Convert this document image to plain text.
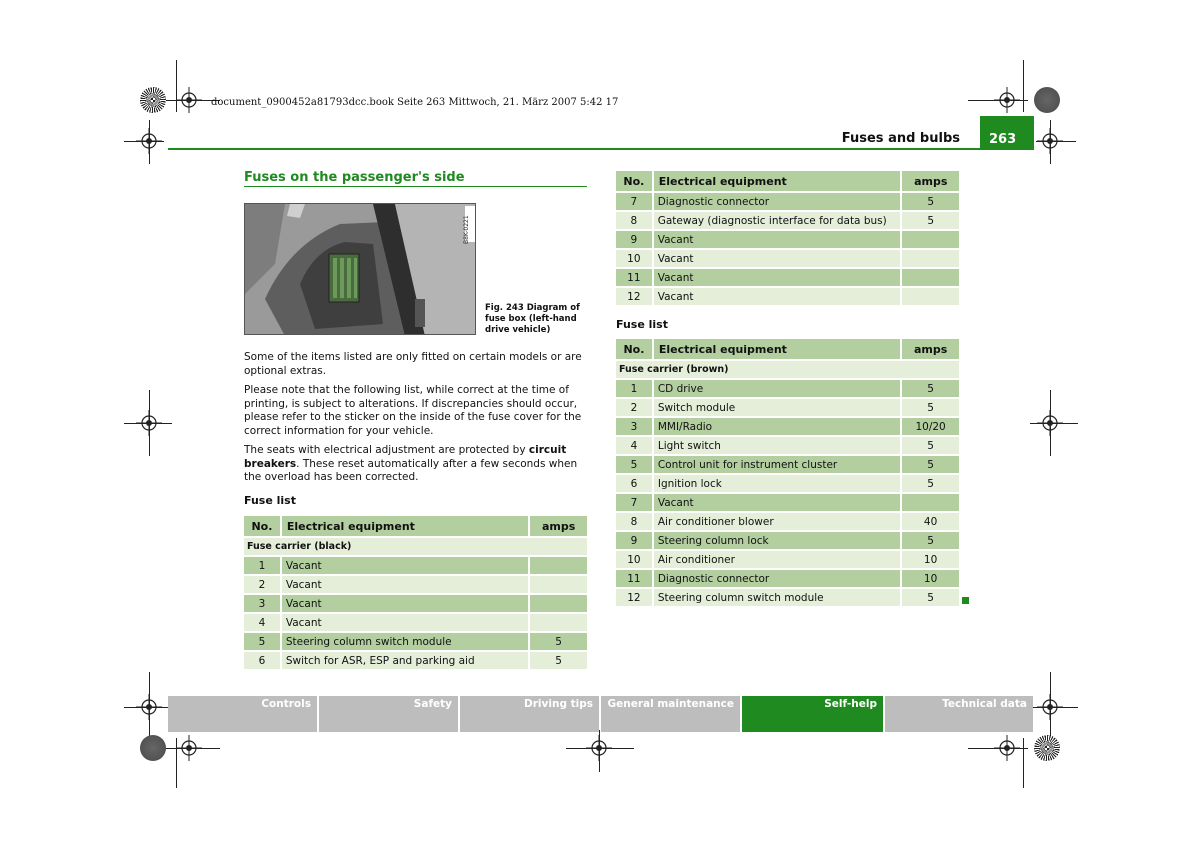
document_0900452a81793dcc.book Seite 263 Mittwoch, 21. März 2007 5:42 17
Fuses and bulbs	263
Fuses on the passenger's side
B8K-0221
Fig. 243 Diagram of fuse box (left-hand drive vehicle)

Some of the items listed are only fitted on certain models or are optional extras.

Please note that the following list, while correct at the time of printing, is subject to alterations. If discrepancies should occur, please refer to the sticker on the inside of the fuse cover for the correct information for your vehicle.

The seats with electrical adjustment are protected by circuit breakers. These reset automatically after a few seconds when the overload has been corrected.

Fuse list
No.	Electrical equipment	amps
Fuse carrier (black)		
1	Vacant	
2	Vacant	
3	Vacant	
4	Vacant	
5	Steering column switch module	5
6	Switch for ASR, ESP and parking aid	5
No.	Electrical equipment	amps
7	Diagnostic connector	5
8	Gateway (diagnostic interface for data bus)	5
9	Vacant	
10	Vacant	
11	Vacant	
12	Vacant	
Fuse list
No.	Electrical equipment	amps
Fuse carrier (brown)		
1	CD drive	5
2	Switch module	5
3	MMI/Radio	10/20
4	Light switch	5
5	Control unit for instrument cluster	5
6	Ignition lock	5
7	Vacant	
8	Air conditioner blower	40
9	Steering column lock	5
10	Air conditioner	10
11	Diagnostic connector	10
12	Steering column switch module	5
Controls	Safety	Driving tips	General maintenance	Self-help	Technical data
